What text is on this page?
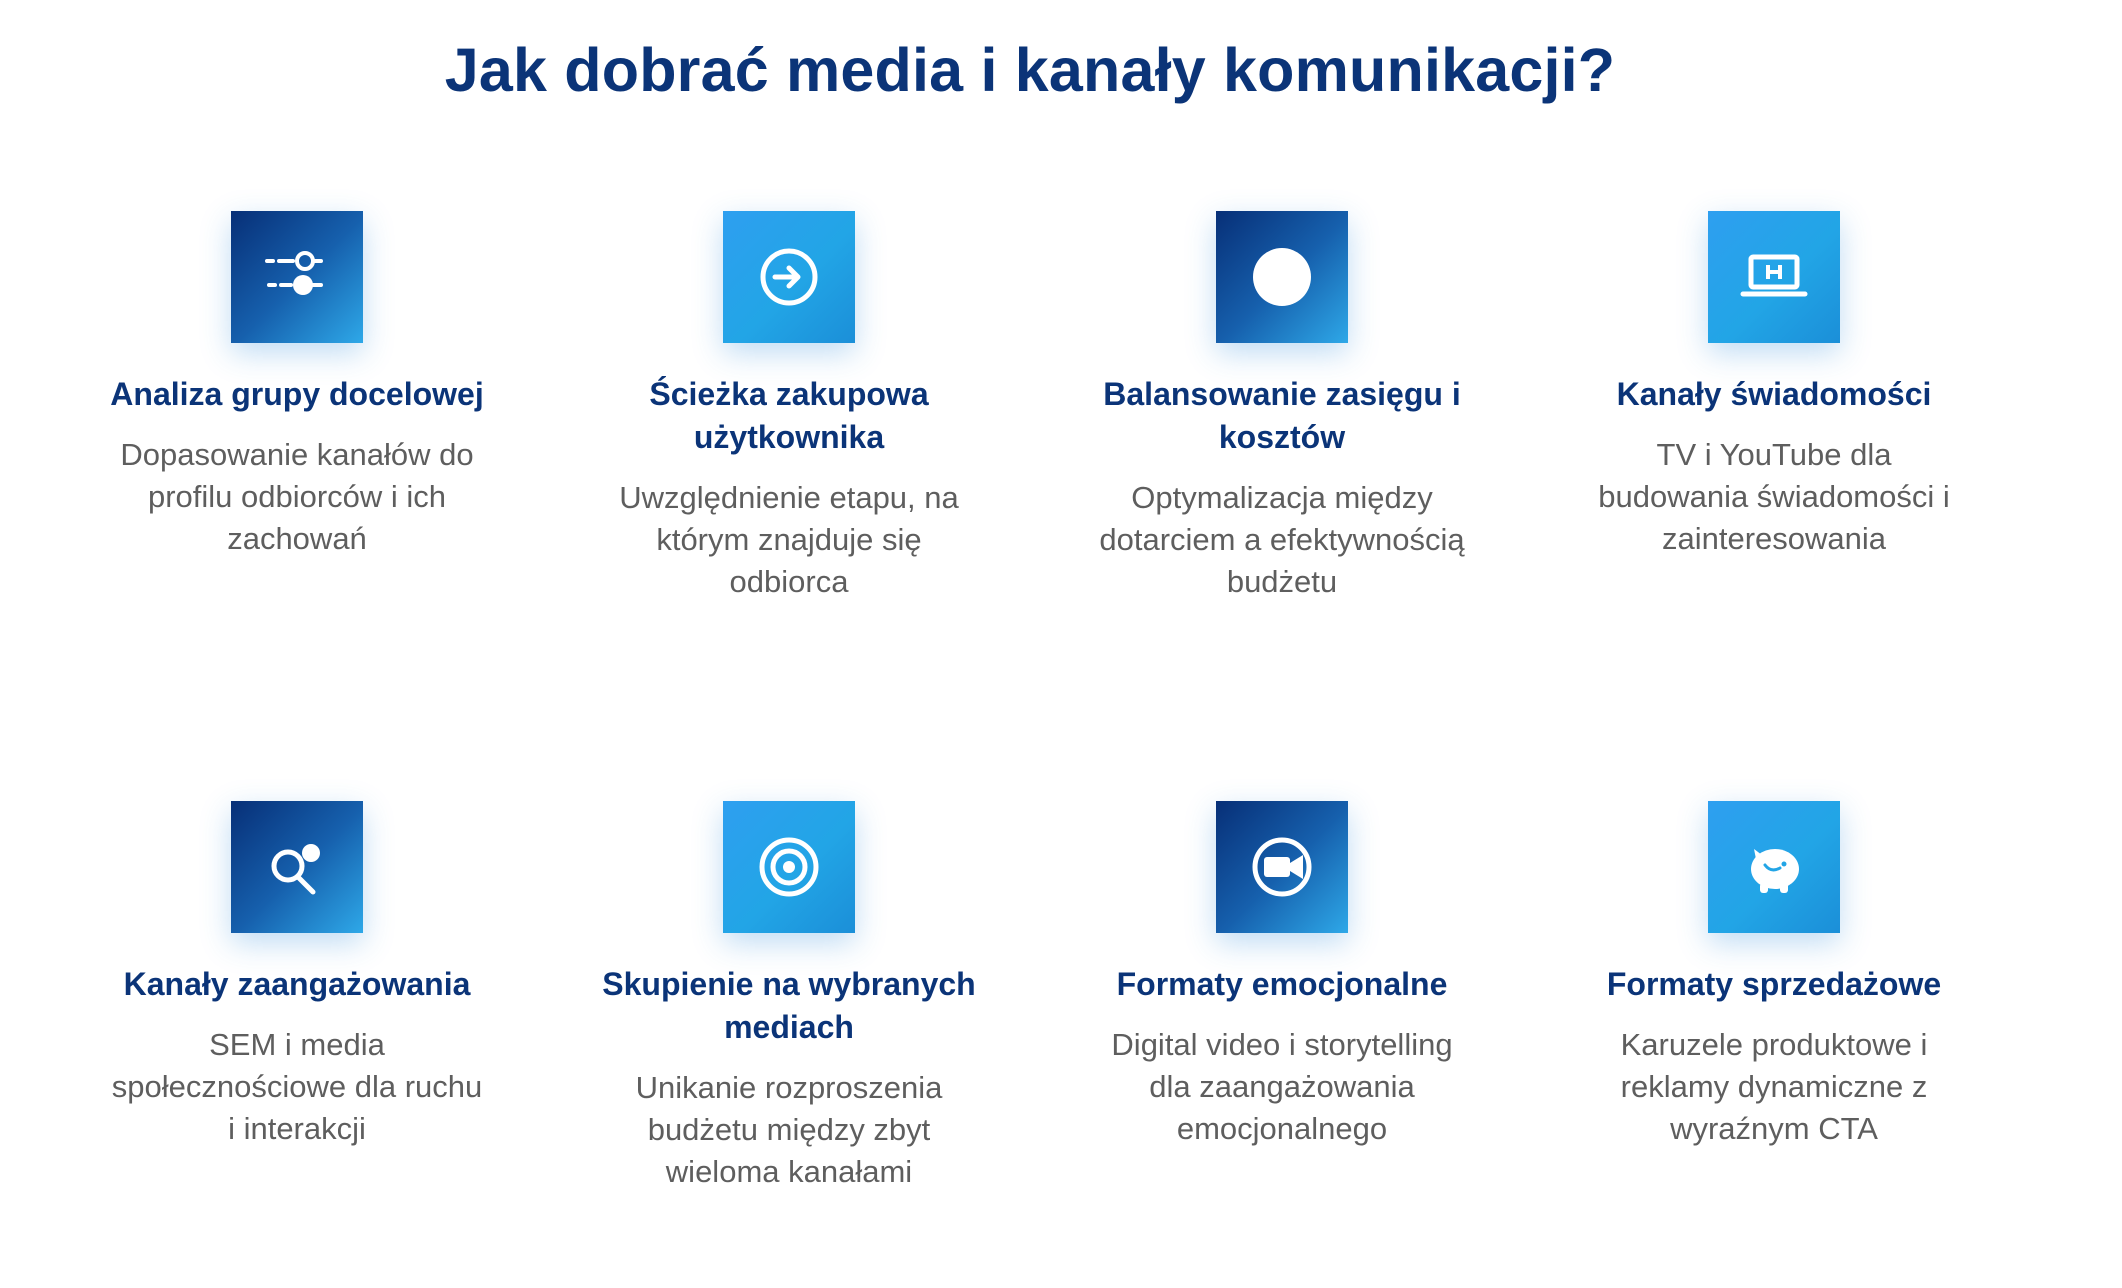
Jak dobrać media i kanały komunikacji?
Analiza grupy docelowej
Dopasowanie kanałów do profilu odbiorców i ich zachowań
Ścieżka zakupowa użytkownika
Uwzględnienie etapu, na którym znajduje się odbiorca
Balansowanie zasięgu i kosztów
Optymalizacja między dotarciem a efektywnością budżetu
Kanały świadomości
TV i YouTube dla budowania świadomości i zainteresowania
Kanały zaangażowania
SEM i media społecznościowe dla ruchu i interakcji
Skupienie na wybranych mediach
Unikanie rozproszenia budżetu między zbyt wieloma kanałami
Formaty emocjonalne
Digital video i storytelling dla zaangażowania emocjonalnego
Formaty sprzedażowe
Karuzele produktowe i reklamy dynamiczne z wyraźnym CTA
